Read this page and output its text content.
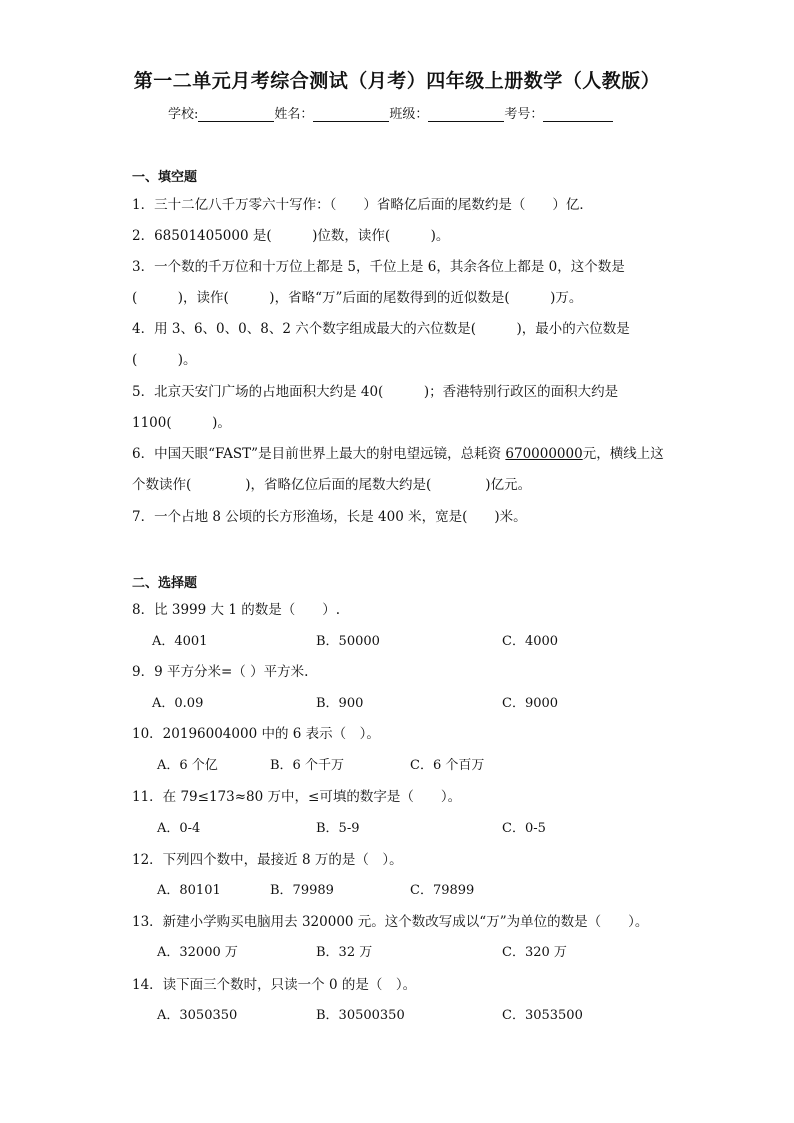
第一二单元月考综合测试（月考）四年级上册数学（人教版）
学校:	姓名：	班级：	考号：
一、填空题
1．三十二亿八千万零六十写作：（　　）省略亿后面的尾数约是（　　）亿．
2．68501405000 是(　　　)位数，读作(　　　)。
3．一个数的千万位和十万位上都是 5，千位上是 6，其余各位上都是 0，这个数是
(　　　)，读作(　　　)，省略“万”后面的尾数得到的近似数是(　　　)万。
4．用 3、6、0、0、8、2 六个数字组成最大的六位数是(　　　)，最小的六位数是
(　　　)。
5．北京天安门广场的占地面积大约是 40(　　　)；香港特别行政区的面积大约是
1100(　　　)。
6．中国天眼“FAST”是目前世界上最大的射电望远镜，总耗资 670000000元，横线上这
个数读作(　　　　)，省略亿位后面的尾数大约是(　　　　)亿元。
7．一个占地 8 公顷的长方形渔场，长是 400 米，宽是(　　)米。
二、选择题
8．比 3999 大 1 的数是（　　）.
A．4001	B．50000	C．4000
9．9 平方分米=（ ）平方米.
A．0.09	B．900	C．9000
10．20196004000 中的 6 表示（　）。
A．6 个亿	B．6 个千万	C．6 个百万
11．在 79≤173≈80 万中，≤可填的数字是（　　）。
A．0-4	B．5-9	C．0-5
12．下列四个数中，最接近 8 万的是（　）。
A．80101	B．79989	C．79899
13．新建小学购买电脑用去 320000 元。这个数改写成以“万”为单位的数是（　　）。
A．32000 万	B．32 万	C．320 万
14．读下面三个数时，只读一个 0 的是（　）。
A．3050350	B．30500350	C．3053500
